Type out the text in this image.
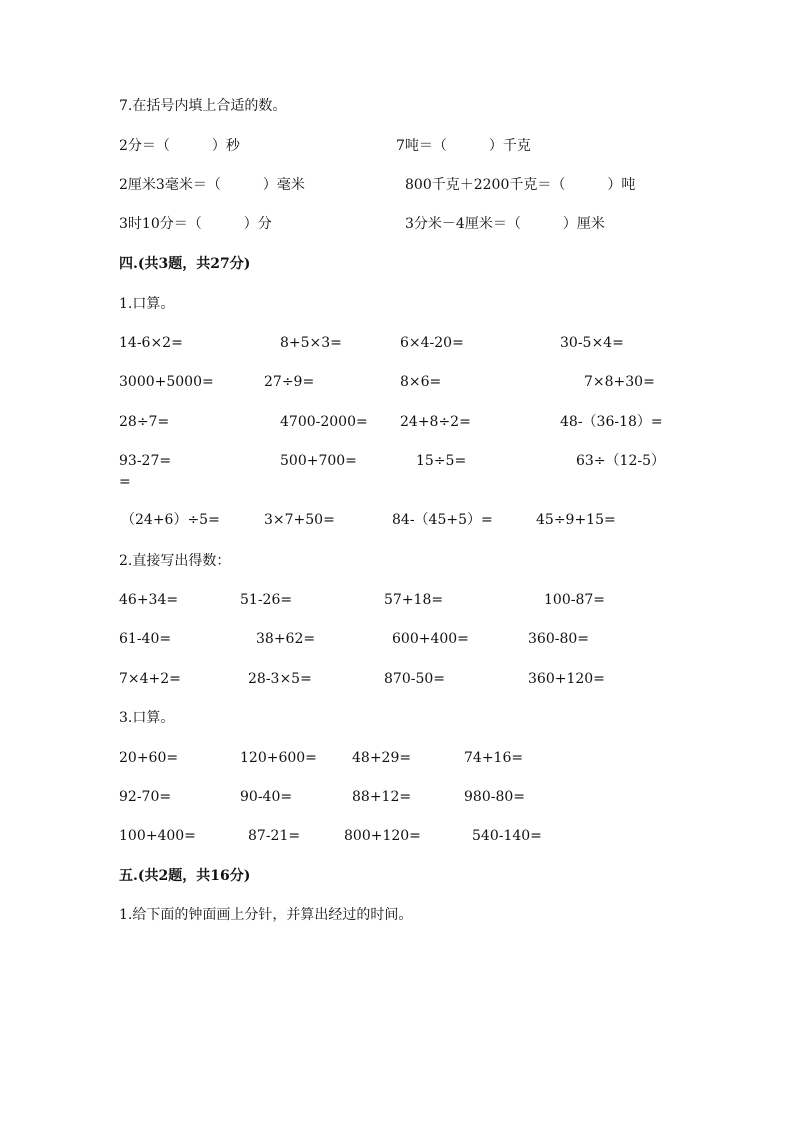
7.在括号内填上合适的数。
2分＝（　　　）秒	7吨＝（　　　）千克
2厘米3毫米＝（　　　）毫米	800千克＋2200千克＝（　　　）吨
3时10分＝（　　　）分	3分米－4厘米＝（　　　）厘米
四.(共3题，共27分)
1.口算。
14-6×2=	8+5×3=	6×4-20=	30-5×4=
3000+5000=	27÷9=	8×6=	7×8+30=
28÷7=	4700-2000= 24+8÷2=	48-（36-18）=
93-27=	500+700=	15÷5=	63÷（12-5）
=
（24+6）÷5=	3×7+50=	84-（45+5）=	45÷9+15=
2.直接写出得数：
46+34=	51-26=	57+18=	100-87=
61-40=	38+62=	600+400=	360-80=
7×4+2=	28-3×5=	870-50=	360+120=
3.口算。
20+60=	120+600=	48+29=	74+16=
92-70=	90-40=	88+12=	980-80=
100+400=	87-21=	800+120=	540-140=
五.(共2题，共16分)
1.给下面的钟面画上分针，并算出经过的时间。
